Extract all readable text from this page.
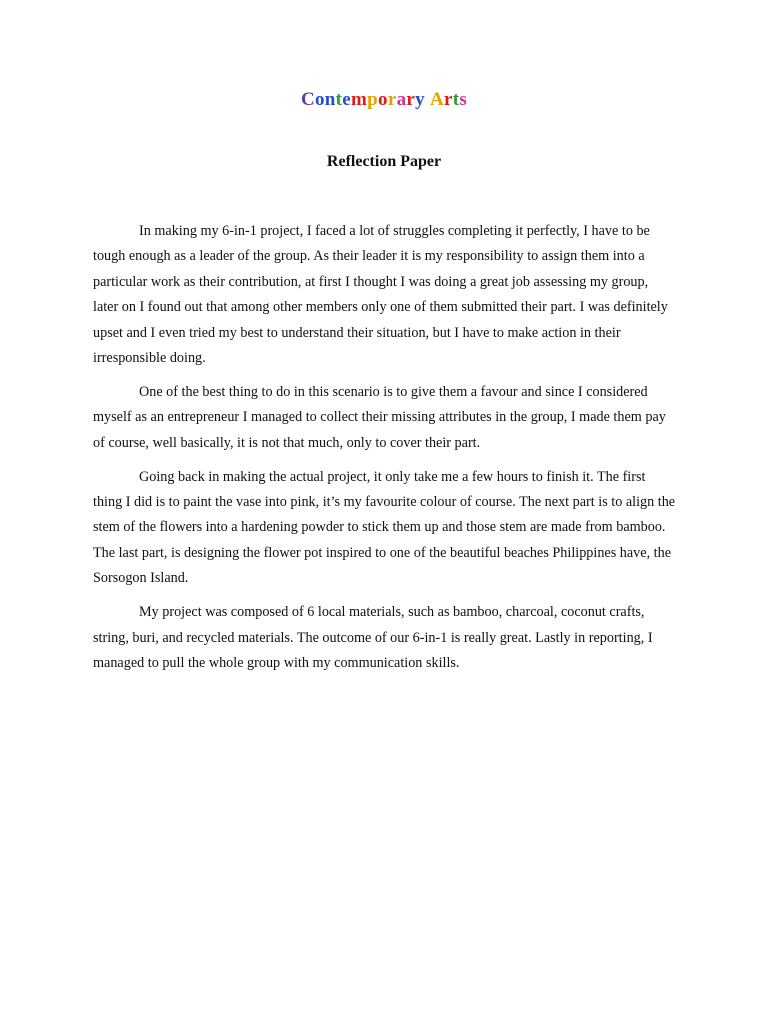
Contemporary Arts
Reflection Paper

In making my 6-in-1 project, I faced a lot of struggles completing it perfectly, I have to be tough enough as a leader of the group. As their leader it is my responsibility to assign them into a particular work as their contribution, at first I thought I was doing a great job assessing my group, later on I found out that among other members only one of them submitted their part. I was definitely upset and I even tried my best to understand their situation, but I have to make action in their irresponsible doing.

One of the best thing to do in this scenario is to give them a favour and since I considered myself as an entrepreneur I managed to collect their missing attributes in the group, I made them pay of course, well basically, it is not that much, only to cover their part.

Going back in making the actual project, it only take me a few hours to finish it. The first thing I did is to paint the vase into pink, it’s my favourite colour of course. The next part is to align the stem of the flowers into a hardening powder to stick them up and those stem are made from bamboo. The last part, is designing the flower pot inspired to one of the beautiful beaches Philippines have, the Sorsogon Island.

My project was composed of 6 local materials, such as bamboo, charcoal, coconut crafts, string, buri, and recycled materials. The outcome of our 6-in-1 is really great. Lastly in reporting, I managed to pull the whole group with my communication skills.
